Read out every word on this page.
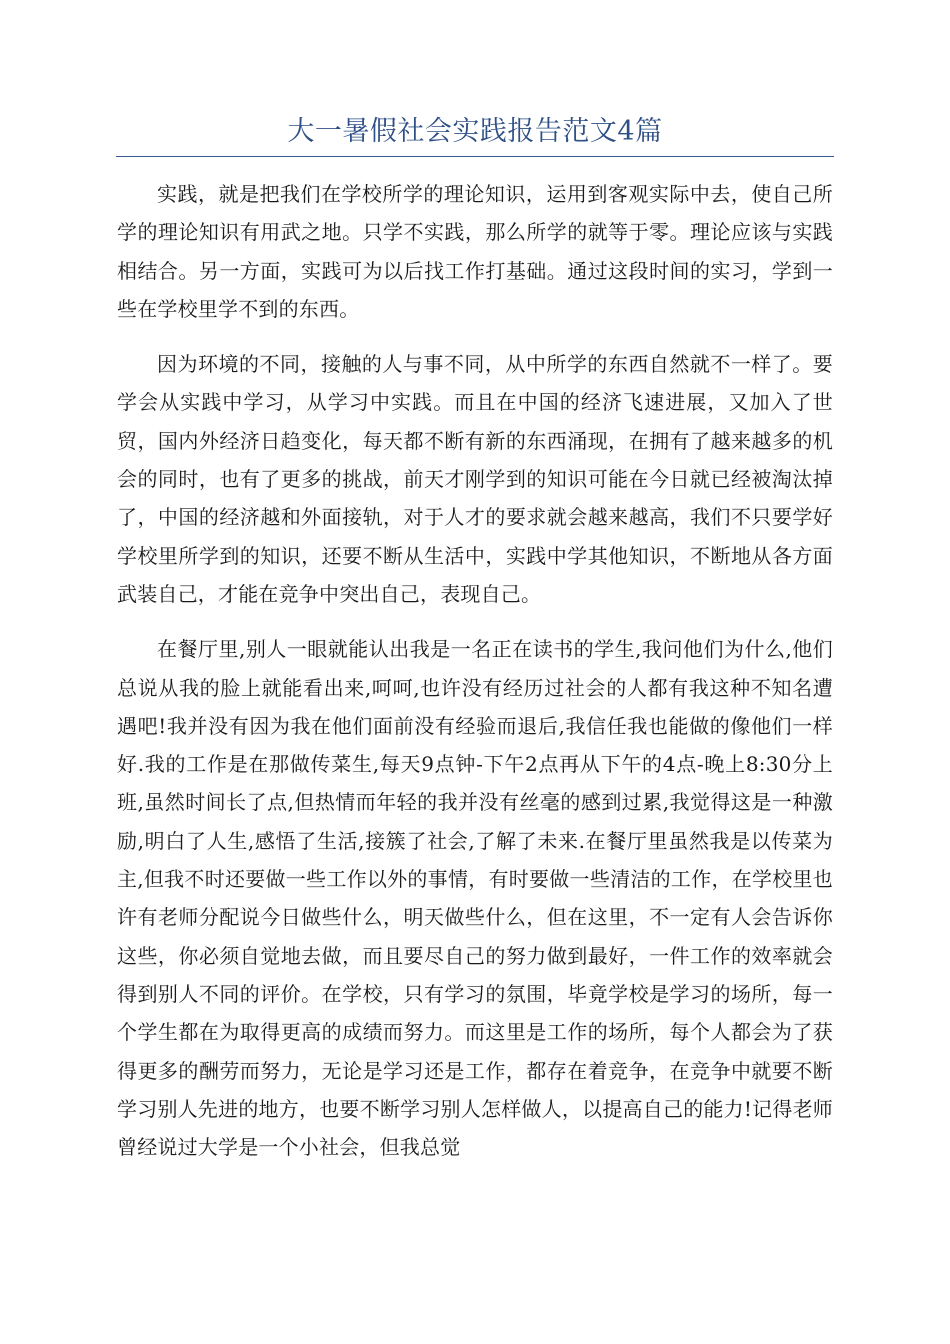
大一暑假社会实践报告范文4篇

实践，就是把我们在学校所学的理论知识，运用到客观实际中去，使自己所学的理论知识有用武之地。只学不实践，那么所学的就等于零。理论应该与实践相结合。另一方面，实践可为以后找工作打基础。通过这段时间的实习，学到一些在学校里学不到的东西。

因为环境的不同，接触的人与事不同，从中所学的东西自然就不一样了。要学会从实践中学习，从学习中实践。而且在中国的经济飞速进展，又加入了世贸，国内外经济日趋变化，每天都不断有新的东西涌现，在拥有了越来越多的机会的同时，也有了更多的挑战，前天才刚学到的知识可能在今日就已经被淘汰掉了，中国的经济越和外面接轨，对于人才的要求就会越来越高，我们不只要学好学校里所学到的知识，还要不断从生活中，实践中学其他知识，不断地从各方面武装自己，才能在竞争中突出自己，表现自己。

在餐厅里,别人一眼就能认出我是一名正在读书的学生,我问他们为什么,他们总说从我的脸上就能看出来,呵呵,也许没有经历过社会的人都有我这种不知名遭遇吧!我并没有因为我在他们面前没有经验而退后,我信任我也能做的像他们一样好.我的工作是在那做传菜生,每天9点钟-下午2点再从下午的4点-晚上8:30分上班,虽然时间长了点,但热情而年轻的我并没有丝毫的感到过累,我觉得这是一种激励,明白了人生,感悟了生活,接簇了社会,了解了未来.在餐厅里虽然我是以传菜为主,但我不时还要做一些工作以外的事情，有时要做一些清洁的工作，在学校里也许有老师分配说今日做些什么，明天做些什么，但在这里，不一定有人会告诉你这些，你必须自觉地去做，而且要尽自己的努力做到最好，一件工作的效率就会得到别人不同的评价。在学校，只有学习的氛围，毕竟学校是学习的场所，每一个学生都在为取得更高的成绩而努力。而这里是工作的场所，每个人都会为了获得更多的酬劳而努力，无论是学习还是工作，都存在着竞争，在竞争中就要不断学习别人先进的地方，也要不断学习别人怎样做人，以提高自己的能力!记得老师曾经说过大学是一个小社会，但我总觉
